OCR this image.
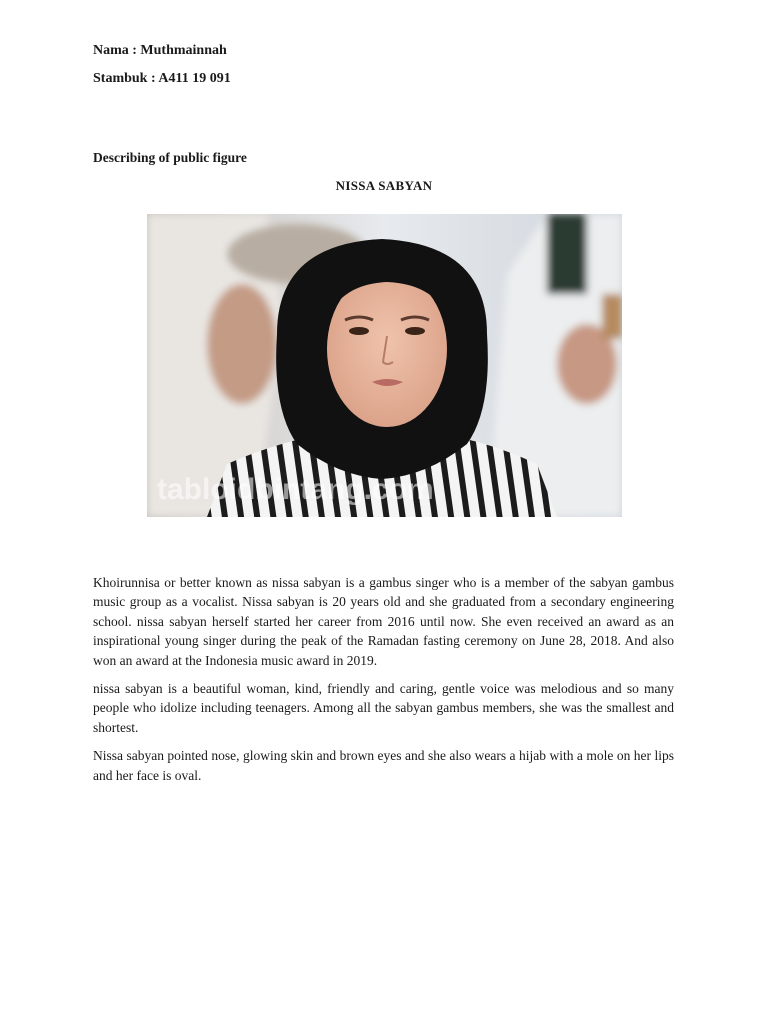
Nama : Muthmainnah
Stambuk : A411 19 091
Describing of public figure
NISSA SABYAN
tabloidbintang.com

Khoirunnisa or better known as nissa sabyan is a gambus singer who is a member of the sabyan gambus music group as a vocalist. Nissa sabyan is 20 years old and she graduated from a secondary engineering school. nissa sabyan herself started her career from 2016 until now. She even received an award as an inspirational young singer during the peak of the Ramadan fasting ceremony on June 28, 2018. And also won an award at the Indonesia music award in 2019.

nissa sabyan is a beautiful woman, kind, friendly and caring, gentle voice was melodious and so many people who idolize including teenagers. Among all the sabyan gambus members, she was the smallest and shortest.

Nissa sabyan pointed nose, glowing skin and brown eyes and she also wears a hijab with a mole on her lips and her face is oval.
